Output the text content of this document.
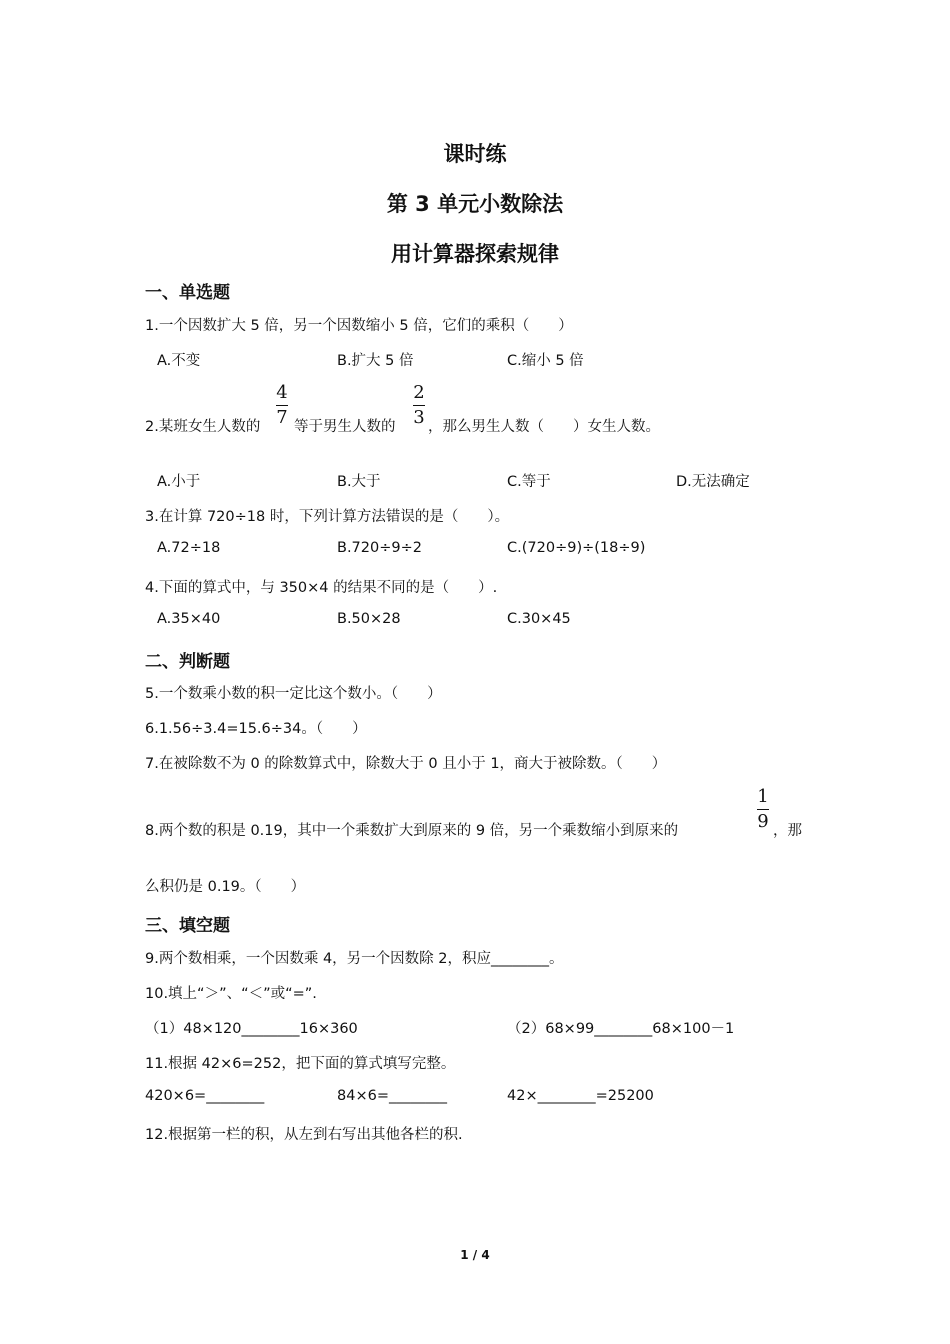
课时练
第 3 单元小数除法
用计算器探索规律
一、单选题
1.一个因数扩大 5 倍，另一个因数缩小 5 倍，它们的乘积（　　）
A.不变	B.扩大 5 倍	C.缩小 5 倍
2.某班女生人数的
4
7 等于男生人数的
2
3 ，那么男生人数（　　）女生人数。
A.小于	B.大于	C.等于	D.无法确定
3.在计算 720÷18 时，下列计算方法错误的是（　　）。
A.72÷18	B.720÷9÷2	C.(720÷9)÷(18÷9)
4.下面的算式中，与 350×4 的结果不同的是（　　）.
A.35×40	B.50×28	C.30×45
二、判断题
5.一个数乘小数的积一定比这个数小。（　　）
6.1.56÷3.4=15.6÷34。（　　）
7.在被除数不为 0 的除数算式中，除数大于 0 且小于 1，商大于被除数。（　　）
8.两个数的积是 0.19，其中一个乘数扩大到原来的 9 倍，另一个乘数缩小到原来的
1
9 ，那
么积仍是 0.19。（　　）
三、填空题
9.两个数相乘，一个因数乘 4，另一个因数除 2，积应________。
10.填上“＞”、“＜”或“=”.
（1）48×120________16×360	（2）68×99________68×100－1
11.根据 42×6=252，把下面的算式填写完整。
420×6=________	84×6=________	42×________=25200
12.根据第一栏的积，从左到右写出其他各栏的积.
1 / 4
